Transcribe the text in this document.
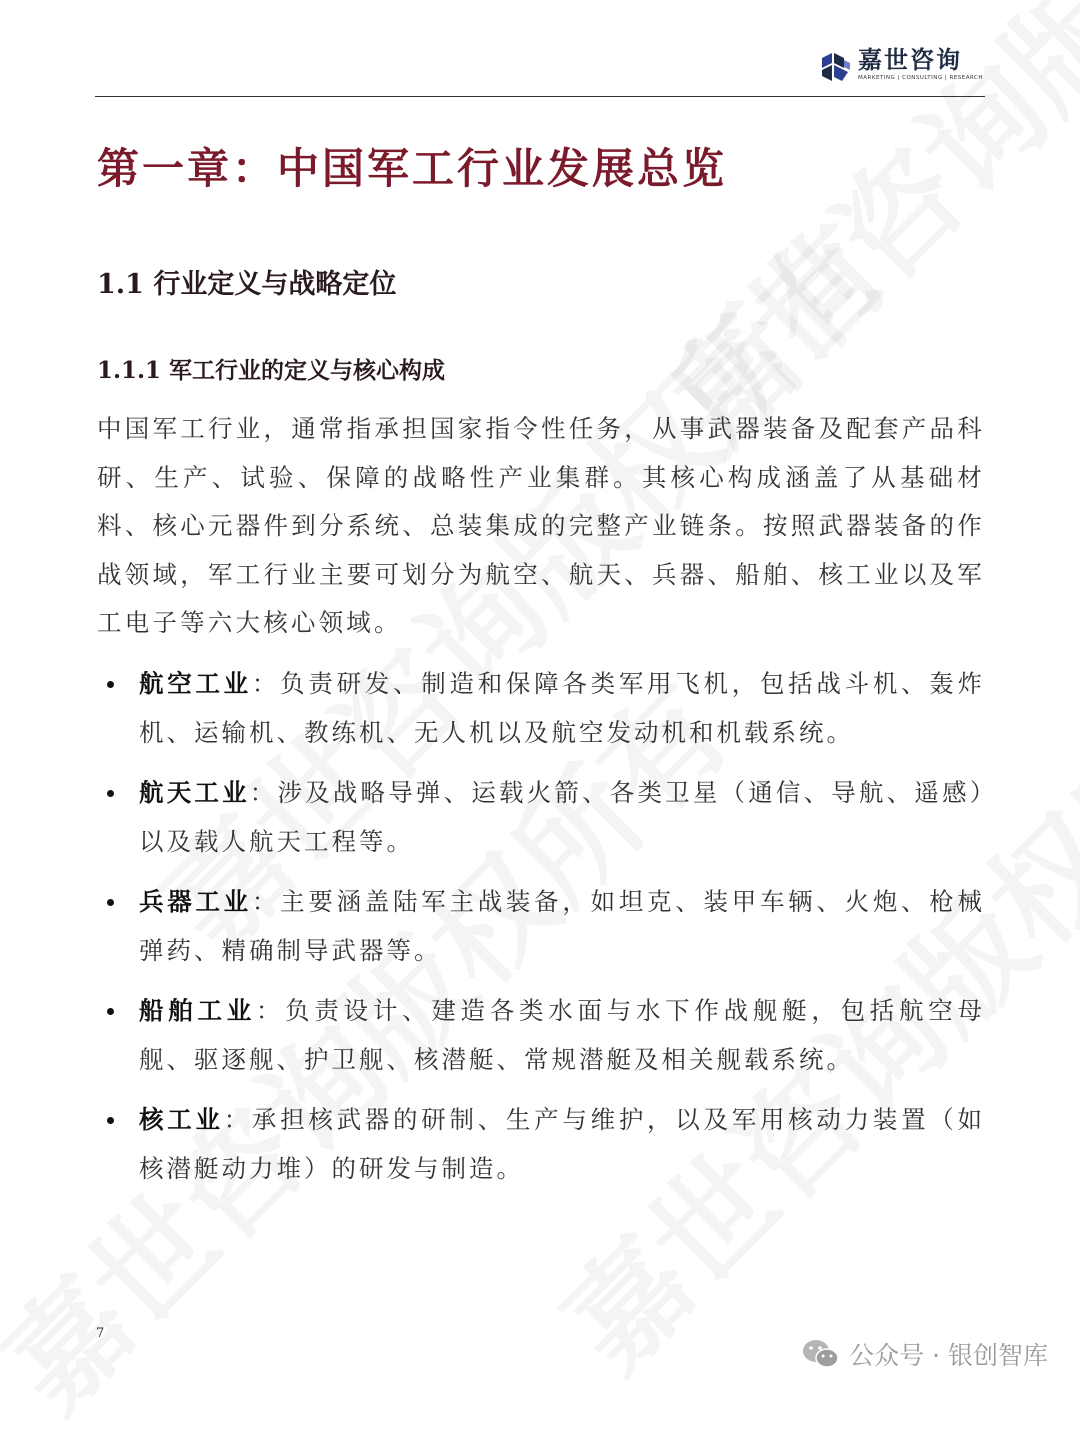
嘉世咨询
MARKETING | CONSULTING | RESEARCH
第一章：中国军工行业发展总览
1.1 行业定义与战略定位
1.1.1 军工行业的定义与核心构成
中国军工行业，通常指承担国家指令性任务，从事武器装备及配套产品科研、生产、试验、保障的战略性产业集群。其核心构成涵盖了从基础材料、核心元器件到分系统、总装集成的完整产业链条。按照武器装备的作战领域，军工行业主要可划分为航空、航天、兵器、船舶、核工业以及军工电子等六大核心领域。
航空工业：负责研发、制造和保障各类军用飞机，包括战斗机、轰炸机、运输机、教练机、无人机以及航空发动机和机载系统。
航天工业：涉及战略导弹、运载火箭、各类卫星（通信、导航、遥感）以及载人航天工程等。
兵器工业：主要涵盖陆军主战装备，如坦克、装甲车辆、火炮、枪械弹药、精确制导武器等。
船舶工业：负责设计、建造各类水面与水下作战舰艇，包括航空母舰、驱逐舰、护卫舰、核潜艇、常规潜艇及相关舰载系统。
核工业：承担核武器的研制、生产与维护，以及军用核动力装置（如核潜艇动力堆）的研发与制造。
7
公众号 · 银创智库
